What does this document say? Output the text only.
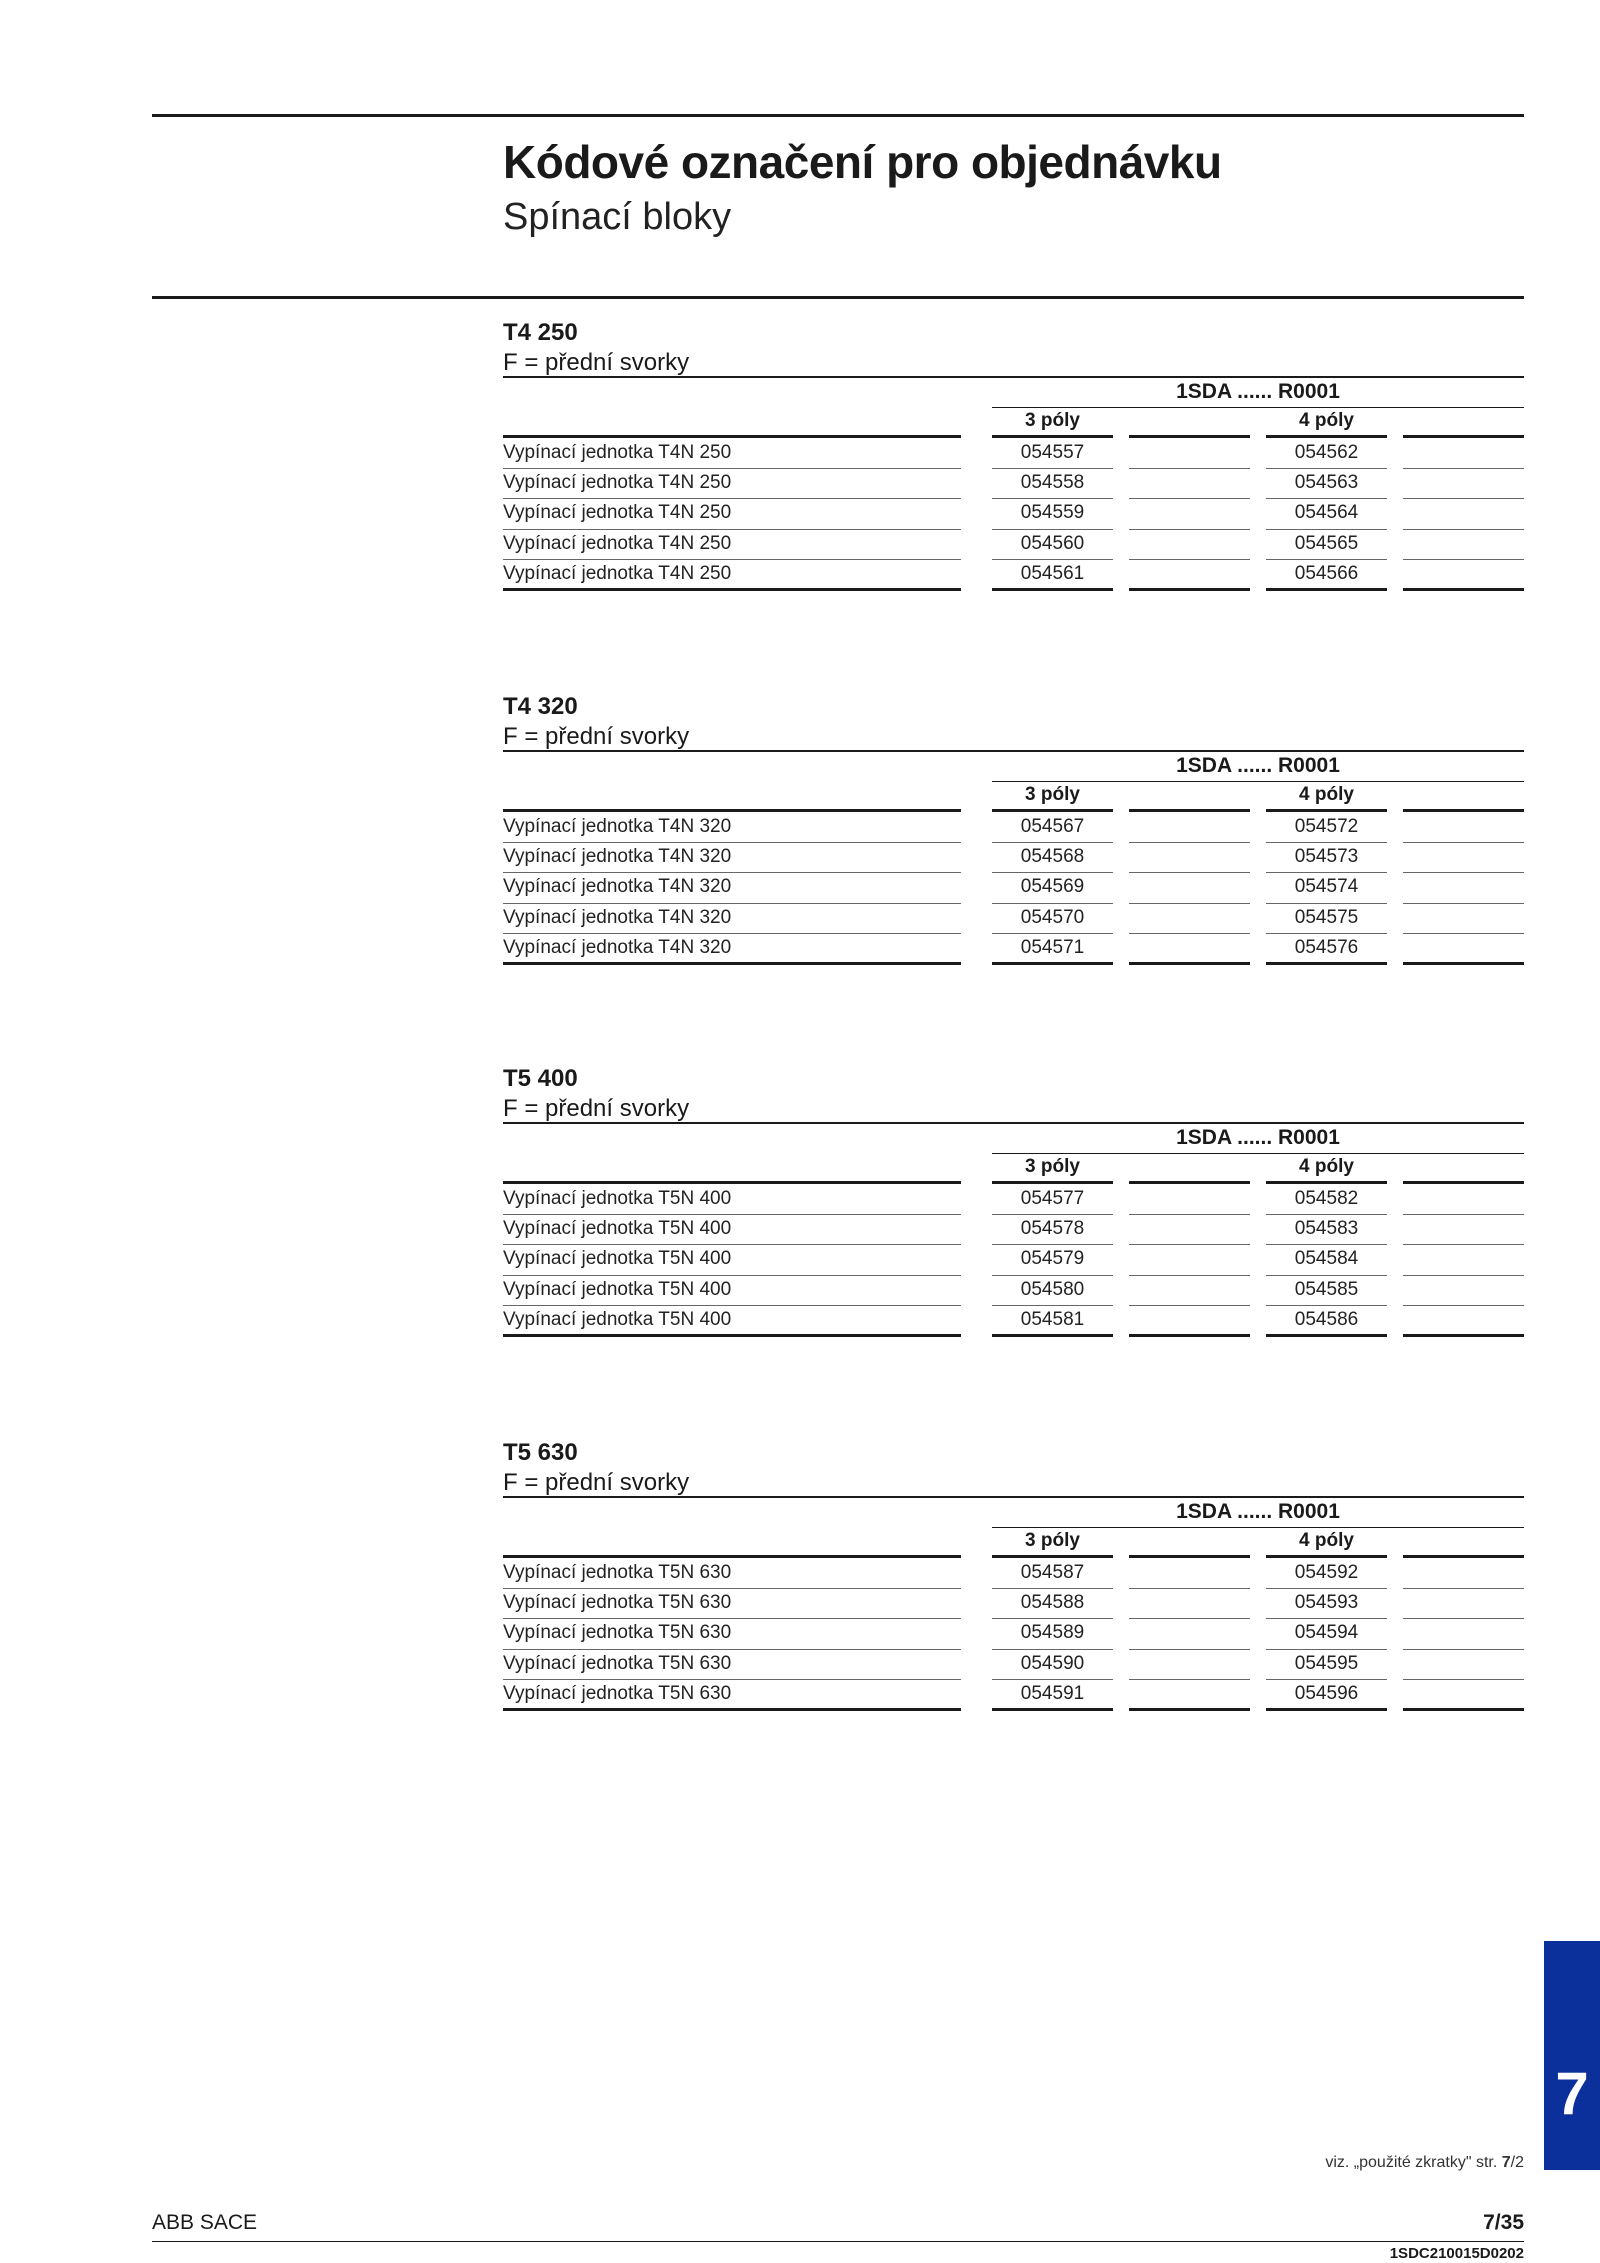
Kódové označení pro objednávku
Spínací bloky
T4 250
F = přední svorky
1SDA ...... R0001
3 póly	4 póly
Vypínací jednotka T4N 250	054557	054562
Vypínací jednotka T4N 250	054558	054563
Vypínací jednotka T4N 250	054559	054564
Vypínací jednotka T4N 250	054560	054565
Vypínací jednotka T4N 250	054561	054566
T4 320
F = přední svorky
1SDA ...... R0001
3 póly	4 póly
Vypínací jednotka T4N 320	054567	054572
Vypínací jednotka T4N 320	054568	054573
Vypínací jednotka T4N 320	054569	054574
Vypínací jednotka T4N 320	054570	054575
Vypínací jednotka T4N 320	054571	054576
T5 400
F = přední svorky
1SDA ...... R0001
3 póly	4 póly
Vypínací jednotka T5N 400	054577	054582
Vypínací jednotka T5N 400	054578	054583
Vypínací jednotka T5N 400	054579	054584
Vypínací jednotka T5N 400	054580	054585
Vypínací jednotka T5N 400	054581	054586
T5 630
F = přední svorky
1SDA ...... R0001
3 póly	4 póly
Vypínací jednotka T5N 630	054587	054592
Vypínací jednotka T5N 630	054588	054593
Vypínací jednotka T5N 630	054589	054594
Vypínací jednotka T5N 630	054590	054595
Vypínací jednotka T5N 630	054591	054596
7
viz. „použité zkratky" str. 7/2
ABB SACE	7/35
1SDC210015D0202
